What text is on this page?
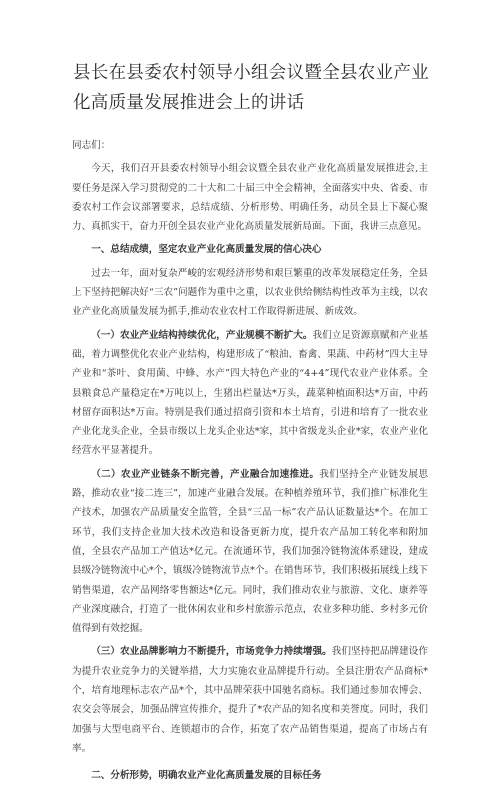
县长在县委农村领导小组会议暨全县农业产业化高质量发展推进会上的讲话

同志们：

今天，我们召开县委农村领导小组会议暨全县农业产业化高质量发展推进会,主要任务是深入学习贯彻党的二十大和二十届三中全会精神，全面落实中央、省委、市委农村工作会议部署要求，总结成绩、分析形势、明确任务，动员全县上下凝心聚力、真抓实干，奋力开创全县农业产业化高质量发展新局面。下面，我讲三点意见。

一、总结成绩，坚定农业产业化高质量发展的信心决心

过去一年，面对复杂严峻的宏观经济形势和艰巨繁重的改革发展稳定任务，全县上下坚持把解决好“三农”问题作为重中之重，以农业供给侧结构性改革为主线，以农业产业化高质量发展为抓手,推动农业农村工作取得新进展、新成效。

（一）农业产业结构持续优化，产业规模不断扩大。我们立足资源禀赋和产业基础，着力调整优化农业产业结构，构建形成了“粮油、畜禽、果蔬、中药材”四大主导产业和“茶叶、食用菌、中蜂、水产”四大特色产业的“4+4”现代农业产业体系。全县粮食总产量稳定在*万吨以上，生猪出栏量达*万头，蔬菜种植面积达*万亩，中药材留存面积达*万亩。特别是我们通过招商引资和本土培育，引进和培育了一批农业产业化龙头企业，全县市级以上龙头企业达*家，其中省级龙头企业*家，农业产业化经营水平显著提升。

（二）农业产业链条不断完善，产业融合加速推进。我们坚持全产业链发展思路，推动农业“接二连三”，加速产业融合发展。在种植养殖环节，我们推广标准化生产技术，加强农产品质量安全监管，全县“三品一标”农产品认证数量达*个。在加工环节，我们支持企业加大技术改造和设备更新力度，提升农产品加工转化率和附加值，全县农产品加工产值达*亿元。在流通环节，我们加强冷链物流体系建设，建成县级冷链物流中心*个，镇级冷链物流节点*个。在销售环节，我们积极拓展线上线下销售渠道，农产品网络零售额达*亿元。同时，我们推动农业与旅游、文化、康养等产业深度融合，打造了一批休闲农业和乡村旅游示范点，农业多种功能、乡村多元价值得到有效挖掘。

（三）农业品牌影响力不断提升，市场竞争力持续增强。我们坚持把品牌建设作为提升农业竞争力的关键举措，大力实施农业品牌提升行动。全县注册农产品商标*个，培育地理标志农产品*个，其中品牌荣获中国驰名商标。我们通过参加农博会、农交会等展会，加强品牌宣传推介，提升了*农产品的知名度和美誉度。同时，我们加强与大型电商平台、连锁超市的合作，拓宽了农产品销售渠道，提高了市场占有率。

二、分析形势，明确农业产业化高质量发展的目标任务
